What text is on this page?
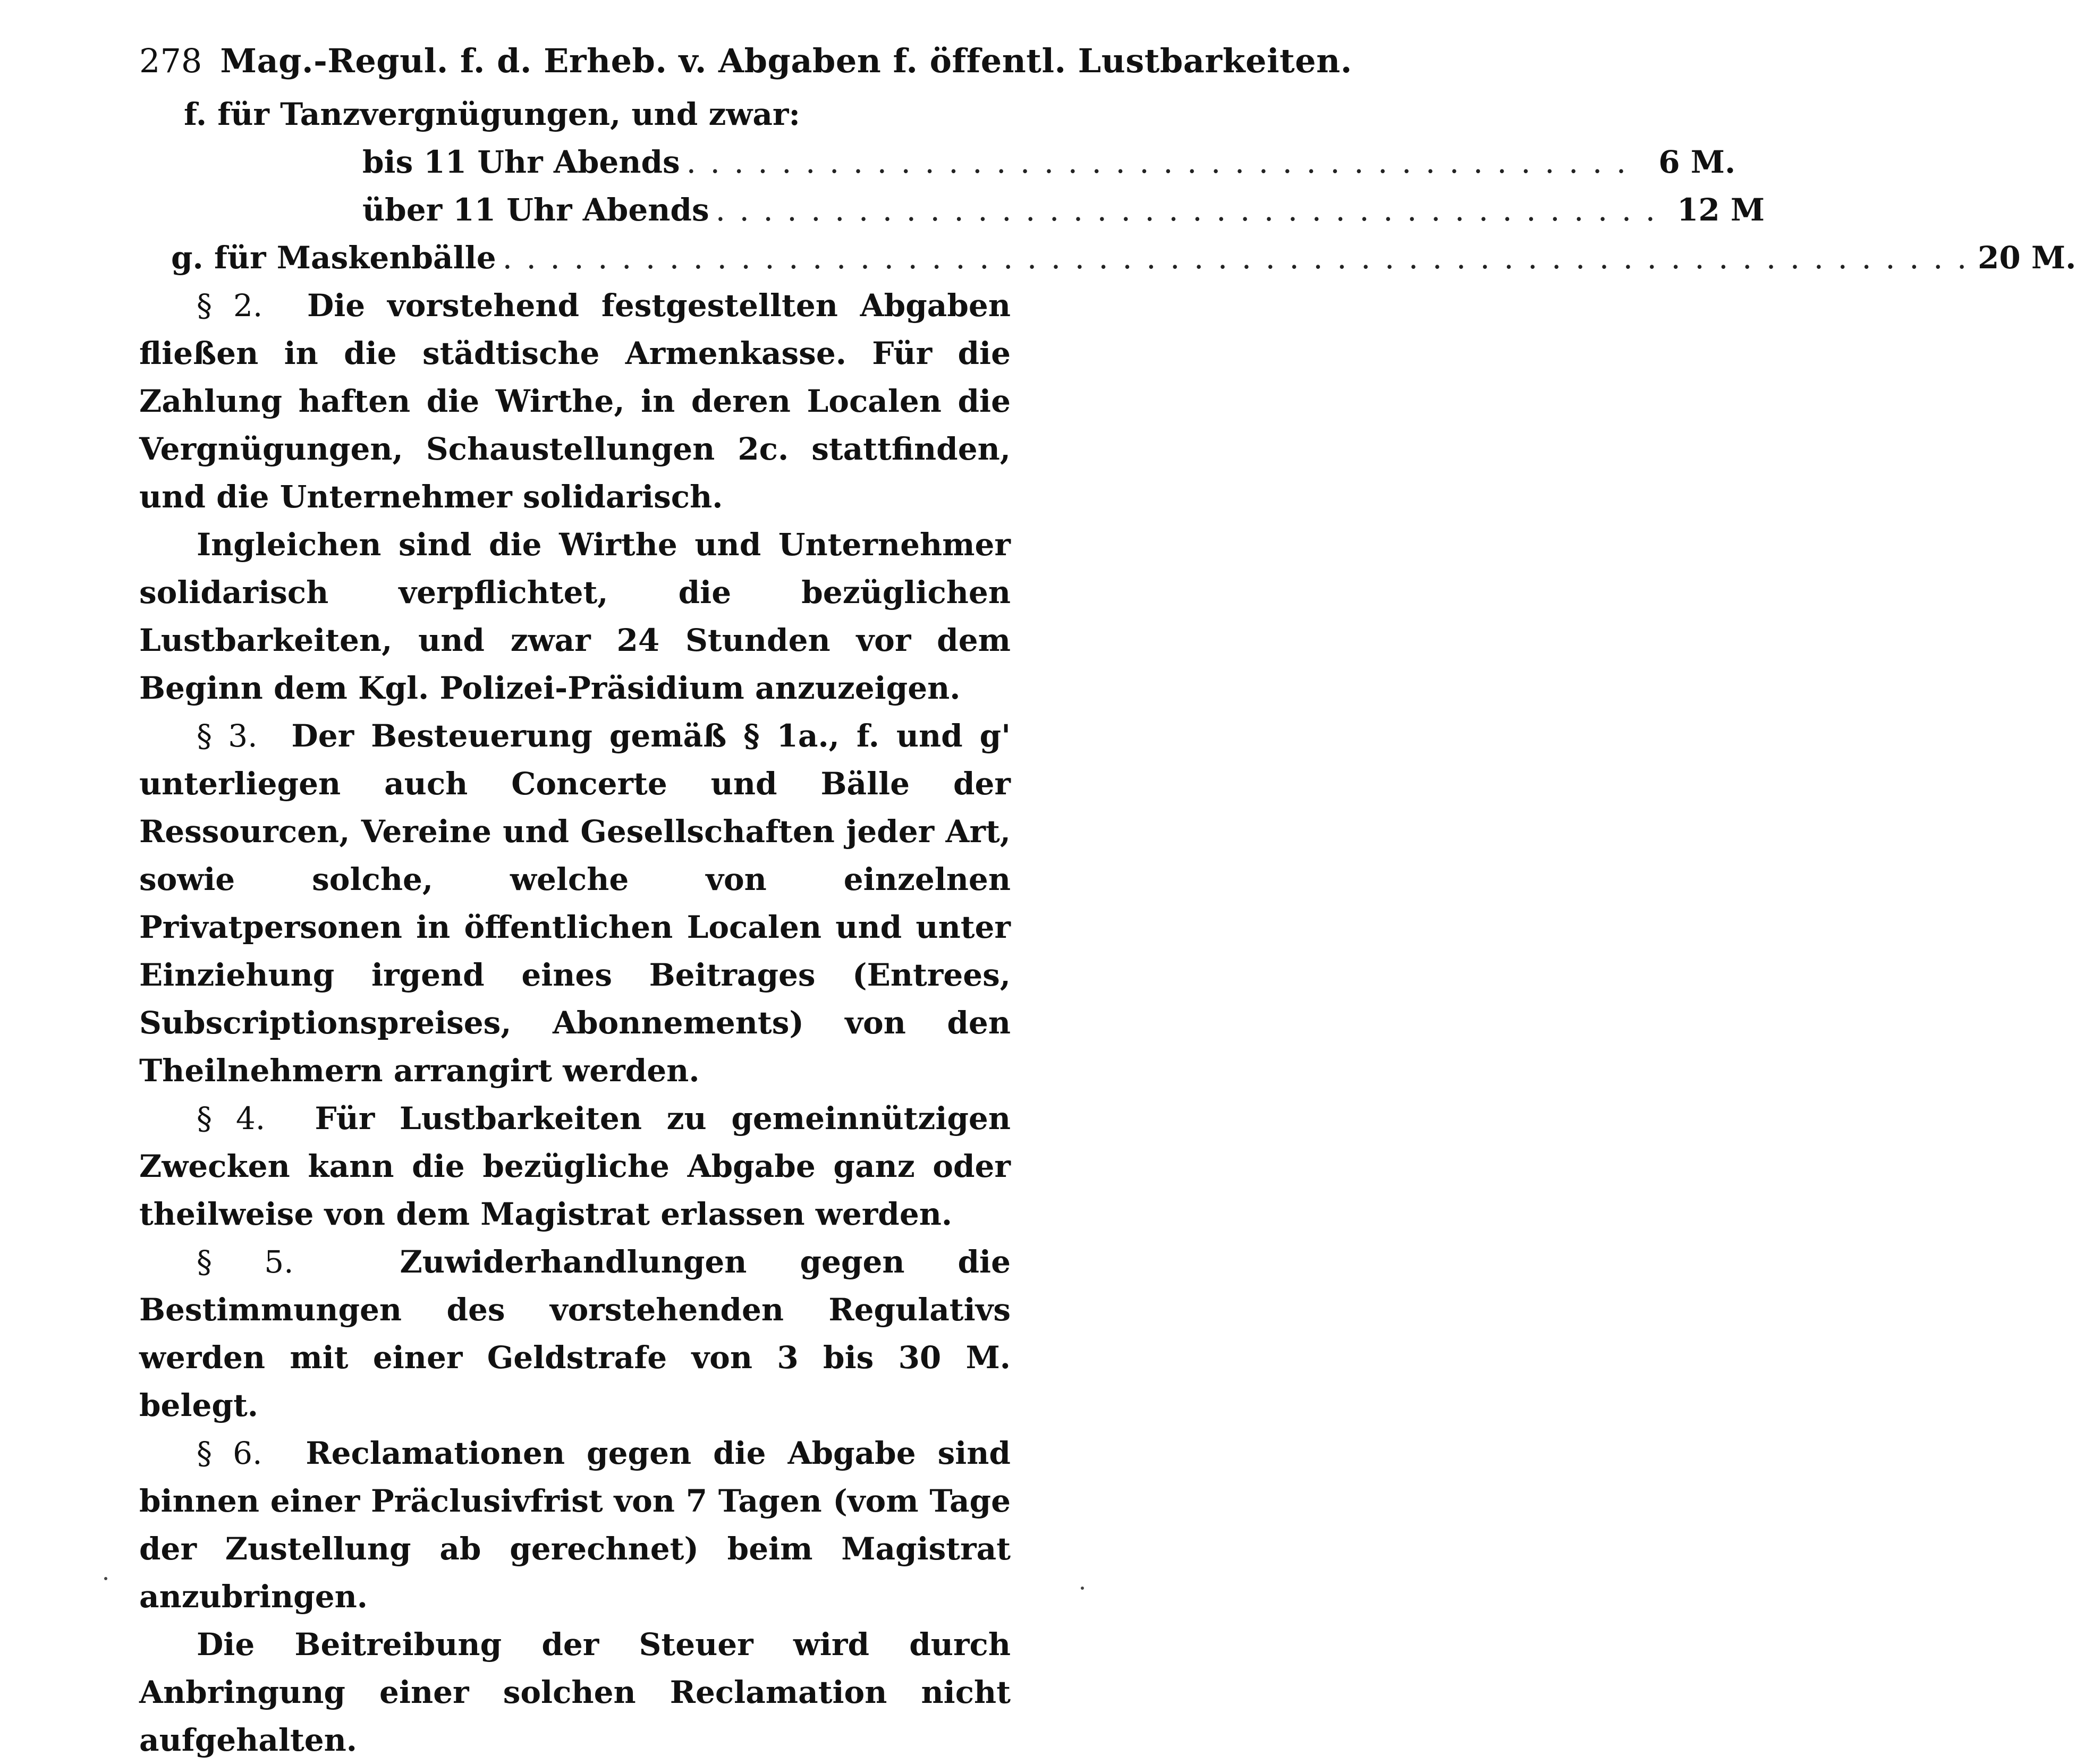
278 Mag.-Regul. f. d. Erheb. v. Abgaben f. öffentl. Lustbarkeiten.
f. für Tanzvergnügungen, und zwar:
bis 11 Uhr Abends . . . . . . . . . . . . . . . . . . . . . . . . . . . . . . . . . . . . . . . . 6 M.
über 11 Uhr Abends . . . . . . . . . . . . . . . . . . . . . . . . . . . . . . . . . . . . . . . . 12 M
g. für Maskenbälle . . . . . . . . . . . . . . . . . . . . . . . . . . . . . . . . . . . . . . . . . . . . . . . . . . . . . . . . . . . . . . 20 M.

§ 2. Die vorstehend festgestellten Abgaben fließen in die städtische Armenkasse. Für die Zahlung haften die Wirthe, in deren Localen die Vergnügungen, Schaustellungen 2c. stattfinden, und die Unternehmer solidarisch.

Ingleichen sind die Wirthe und Unternehmer solidarisch verpflichtet, die bezüglichen Lustbarkeiten, und zwar 24 Stunden vor dem Beginn dem Kgl. Polizei-Präsidium anzuzeigen.

§ 3. Der Besteuerung gemäß § 1a., f. und g' unterliegen auch Concerte und Bälle der Ressourcen, Vereine und Gesellschaften jeder Art, sowie solche, welche von einzelnen Privatpersonen in öffentlichen Localen und unter Einziehung irgend eines Beitrages (Entrees, Subscriptionspreises, Abonnements) von den Theilnehmern arrangirt werden.

§ 4. Für Lustbarkeiten zu gemeinnützigen Zwecken kann die bezügliche Abgabe ganz oder theilweise von dem Magistrat erlassen werden.

§ 5.	Zuwiderhandlungen gegen die Bestimmungen des vorstehenden Regulativs werden mit einer Geldstrafe von 3 bis 30 M. belegt.

§ 6. Reclamationen gegen die Abgabe sind binnen einer Präclusivfrist von 7 Tagen (vom Tage der Zustellung ab gerechnet) beim Magistrat anzubringen.

Die Beitreibung der Steuer wird durch Anbringung einer solchen Reclamation nicht aufgehalten.
